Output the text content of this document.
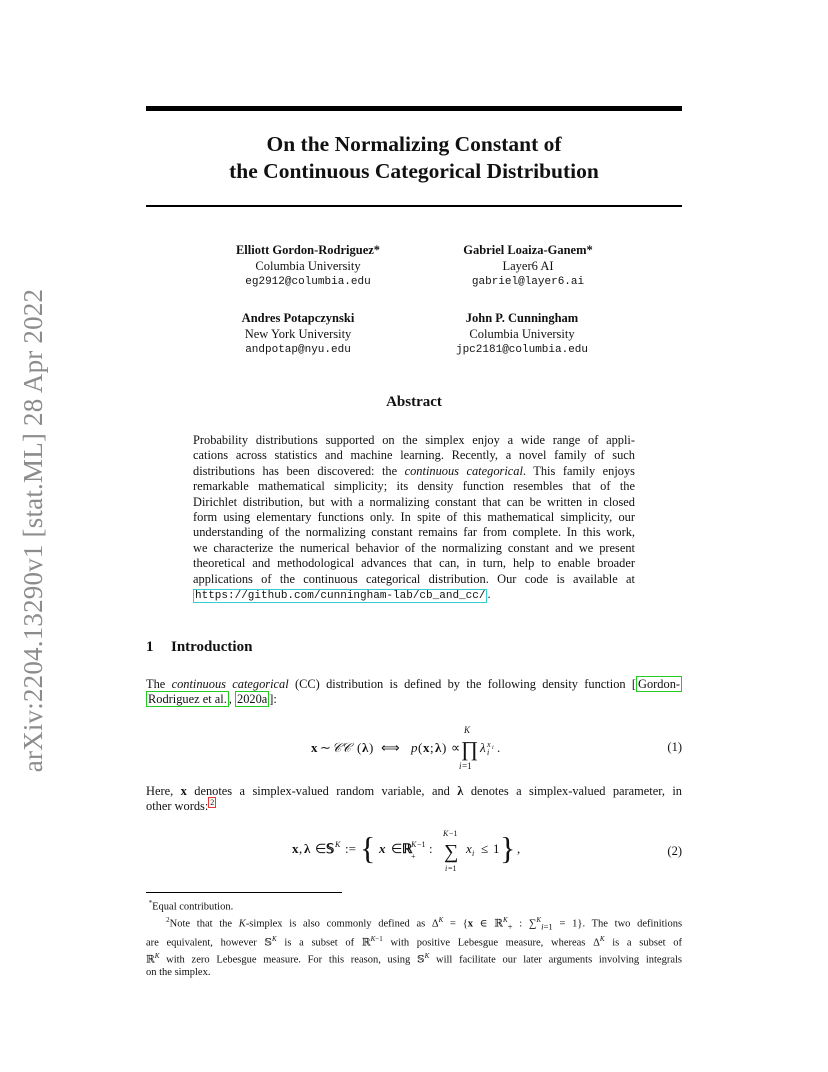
arXiv:2204.13290v1 [stat.ML] 28 Apr 2022
On the Normalizing Constant of
the Continuous Categorical Distribution
Elliott Gordon-Rodriguez*
Columbia University
eg2912@columbia.edu
Gabriel Loaiza-Ganem*
Layer6 AI
gabriel@layer6.ai
Andres Potapczynski
New York University
andpotap@nyu.edu
John P. Cunningham
Columbia University
jpc2181@columbia.edu
Abstract
Probability distributions supported on the simplex enjoy a wide range of appli-
cations across statistics and machine learning. Recently, a novel family of such
distributions has been discovered: the continuous categorical. This family enjoys
remarkable mathematical simplicity; its density function resembles that of the
Dirichlet distribution, but with a normalizing constant that can be written in closed
form using elementary functions only. In spite of this mathematical simplicity, our
understanding of the normalizing constant remains far from complete. In this work,
we characterize the numerical behavior of the normalizing constant and we present
theoretical and methodological advances that can, in turn, help to enable broader
applications of the continuous categorical distribution. Our code is available at
https://github.com/cunningham-lab/cb_and_cc/ .
1 Introduction
The continuous categorical (CC) distribution is defined by the following density function [ Gordon-
Rodriguez et al. , 2020a ]:
x ∼ 𝒞𝒞 ( λ ) ⟺ p ( x ; λ ) ∝
K
∏
i =1
λ x i
i .	(1)
Here, x denotes a simplex-valued random variable, and λ denotes a simplex-valued parameter, in
other words: $^2$
x , λ ∈ 𝕊 K := { x ∈ ℝ
K −1
+
:
K −1
∑
i =1
x i ≤ 1 } ,	(2)
*Equal contribution.
$^2$Note that the K-simplex is also commonly defined as $\Delta^K = \{x$ ∈ ℝ$^K_+$ : ∑$^K_{i=1}$ = 1}. The two definitions
are equivalent, however 𝕊$^K$ is a subset of ℝ$^{K-1}$ with positive Lebesgue measure, whereas $\Delta^K$ is a subset of
ℝ$^K$ with zero Lebesgue measure. For this reason, using 𝕊$^K$ will facilitate our later arguments involving integrals
on the simplex.
